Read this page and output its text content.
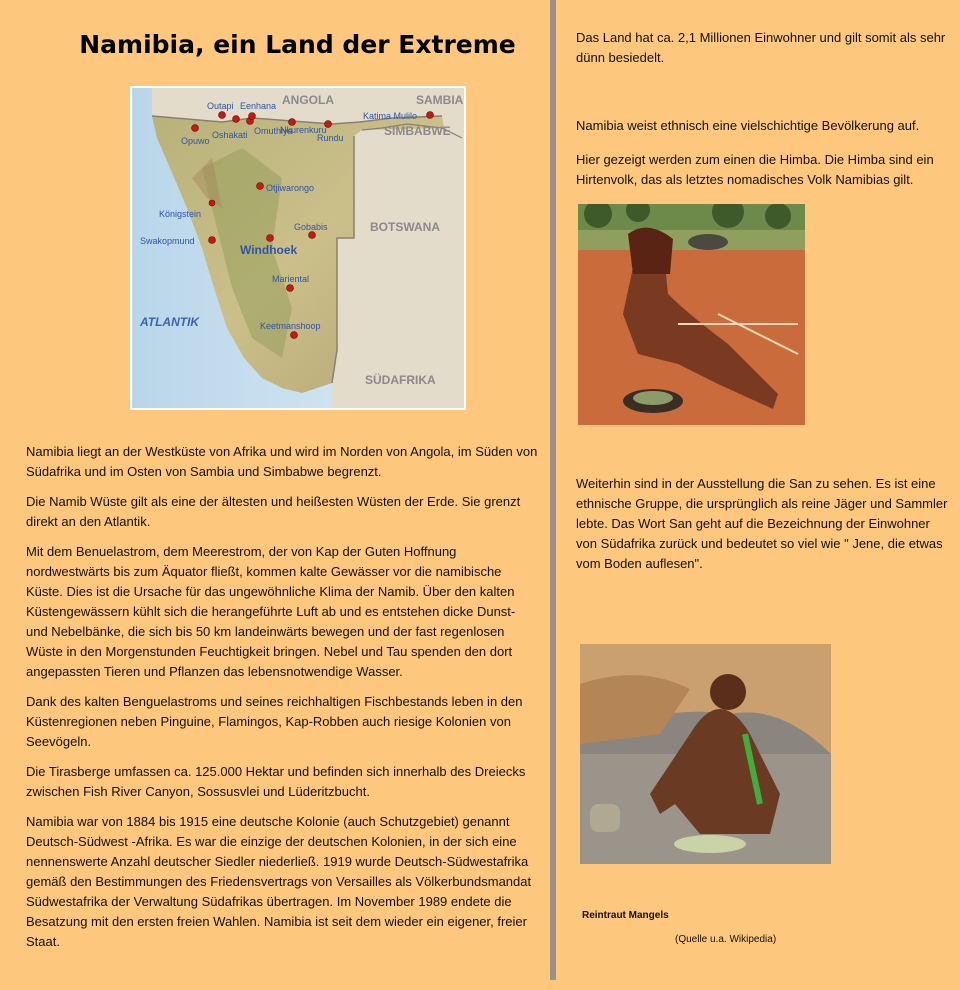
Namibia, ein Land der Extreme
ANGOLA	SAMBIA
SIMBABWE
BOTSWANA
SÜDAFRIKA
ATLANTIK
Windhoek
Outapi Eenhana
Oshakati Omuthiya
Nkurenkuru
Rundu
Katima Mulilo
Opuwo
Otjiwarongo
Königstein
Swakopmund
Gobabis
Mariental
Keetmanshoop

Namibia liegt an der Westküste von Afrika und wird im Norden von Angola, im Süden von Südafrika und im Osten von Sambia und Simbabwe begrenzt.

Die Namib Wüste gilt als eine der ältesten und heißesten Wüsten der Erde. Sie grenzt direkt an den Atlantik.

Mit dem Benuelastrom, dem Meerestrom, der von Kap der Guten Hoffnung nordwestwärts bis zum Äquator fließt, kommen kalte Gewässer vor die namibische Küste. Dies ist die Ursache für das ungewöhnliche Klima der Namib. Über den kalten Küstengewässern kühlt sich die herangeführte Luft ab und es entstehen dicke Dunst- und Nebelbänke, die sich bis 50 km landeinwärts bewegen und der fast regenlosen Wüste in den Morgenstunden Feuchtigkeit bringen. Nebel und Tau spenden den dort angepassten Tieren und Pflanzen das lebensnotwendige Wasser.

Dank des kalten Benguelastroms und seines reichhaltigen Fischbestands leben in den Küstenregionen neben Pinguine, Flamingos, Kap-Robben auch riesige Kolonien von Seevögeln.

Die Tirasberge umfassen ca. 125.000 Hektar und befinden sich innerhalb des Dreiecks zwischen Fish River Canyon, Sossusvlei und Lüderitzbucht.

Namibia war von 1884 bis 1915 eine deutsche Kolonie (auch Schutzgebiet) genannt Deutsch-Südwest -Afrika. Es war die einzige der deutschen Kolonien, in der sich eine nennenswerte Anzahl deutscher Siedler niederließ. 1919 wurde Deutsch-Südwestafrika gemäß den Bestimmungen des Friedensvertrags von Versailles als Völkerbundsmandat Südwestafrika der Verwaltung Südafrikas übertragen. Im November 1989 endete die Besatzung mit den ersten freien Wahlen. Namibia ist seit dem wieder ein eigener, freier Staat.

Das Land hat ca. 2,1 Millionen Einwohner und gilt somit als sehr dünn besiedelt.

Namibia weist ethnisch eine vielschichtige Bevölkerung auf.

Hier gezeigt werden zum einen die Himba. Die Himba sind ein Hirtenvolk, das als letztes nomadisches Volk Namibias gilt.

Weiterhin sind in der Ausstellung die San zu sehen. Es ist eine ethnische Gruppe, die ursprünglich als reine Jäger und Sammler lebte. Das Wort San geht auf die Bezeichnung der Einwohner von Südafrika zurück und bedeutet so viel wie " Jene, die etwas vom Boden auflesen".

Reintraut Mangels
(Quelle u.a. Wikipedia)
